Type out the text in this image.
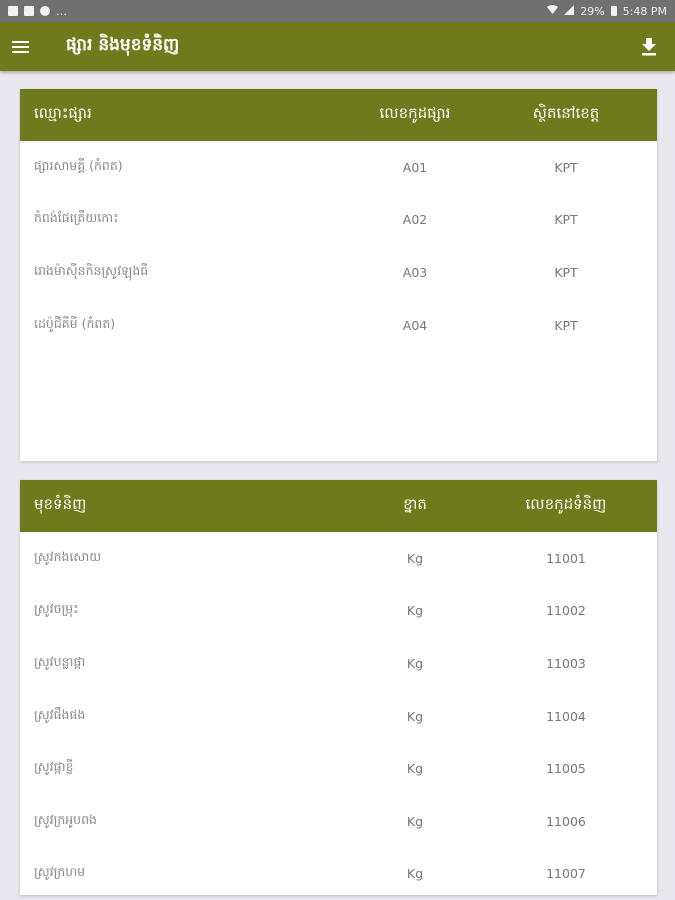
…	29% 5:48 PM
ផ្សារ និងមុខទំនិញ
ឈ្មោះផ្សារ	លេខកូដផ្សារ	ស្ថិតនៅខេត្ត
ផ្សារសាមគ្គី (កំពត)	A01	KPT
កំពង់ផែត្រើយកោះ	A02	KPT
រោងម៉ាស៊ីនកិនស្រូវឡុងធី	A03	KPT
ដេប៉ូជីគីមី (កំពត)	A04	KPT
មុខទំនិញ	ខ្នាត	លេខកូដទំនិញ
ស្រូវកងសោយ	Kg	11001
ស្រូវចម្រុះ	Kg	11002
ស្រូវបន្លាផ្កា	Kg	11003
ស្រូវផឹងផង	Kg	11004
ស្រូវផ្កាខ្ញី	Kg	11005
ស្រូវក្រអូបពង	Kg	11006
ស្រូវក្រហម	Kg	11007
